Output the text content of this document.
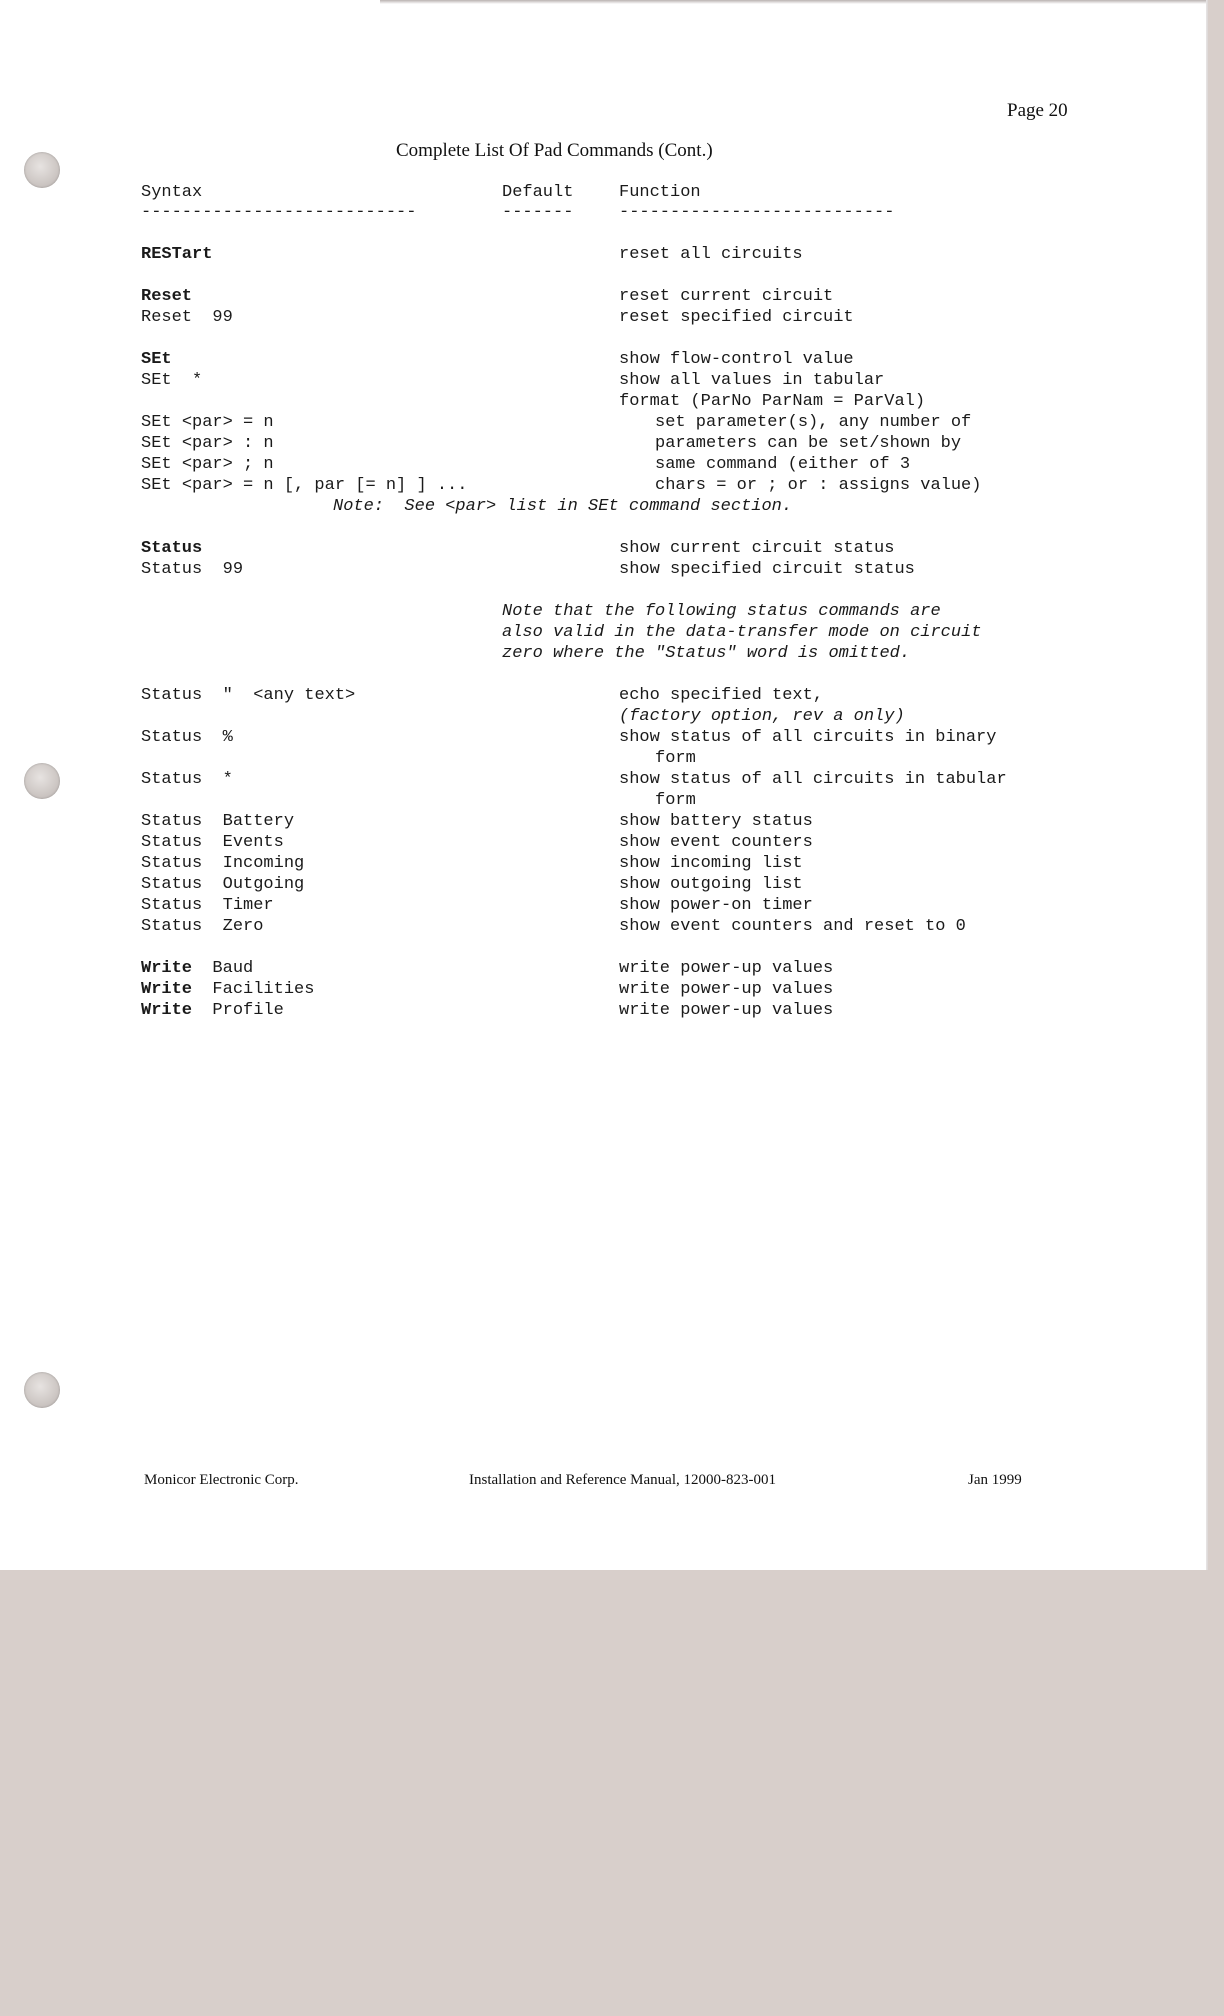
Page 20
Complete List Of Pad Commands (Cont.)
Syntax	Default	Function
---------------------------	-------	---------------------------
RESTart	reset all circuits
Reset	reset current circuit
Reset 99	reset specified circuit
SEt	show flow-control value
SEt *	show all values in tabular
format (ParNo ParNam = ParVal)
SEt <par> = n	set parameter(s), any number of
SEt <par> : n	parameters can be set/shown by
SEt <par> ; n	same command (either of 3
SEt <par> = n [, par [= n] ] ...	chars = or ; or : assigns value)
Note:  See <par> list in SEt command section.
Status	show current circuit status
Status 99	show specified circuit status
Note that the following status commands are
also valid in the data-transfer mode on circuit
zero where the "Status" word is omitted.
Status "  <any text>	echo specified text,
(factory option, rev a only)
Status %	show status of all circuits in binary
form
Status *	show status of all circuits in tabular
form
Status Battery	show battery status
Status Events	show event counters
Status Incoming	show incoming list
Status Outgoing	show outgoing list
Status Timer	show power-on timer
Status Zero	show event counters and reset to 0
Write Baud	write power-up values
Write Facilities	write power-up values
Write Profile	write power-up values
Monicor Electronic Corp.	Installation and Reference Manual, 12000-823-001	Jan 1999
